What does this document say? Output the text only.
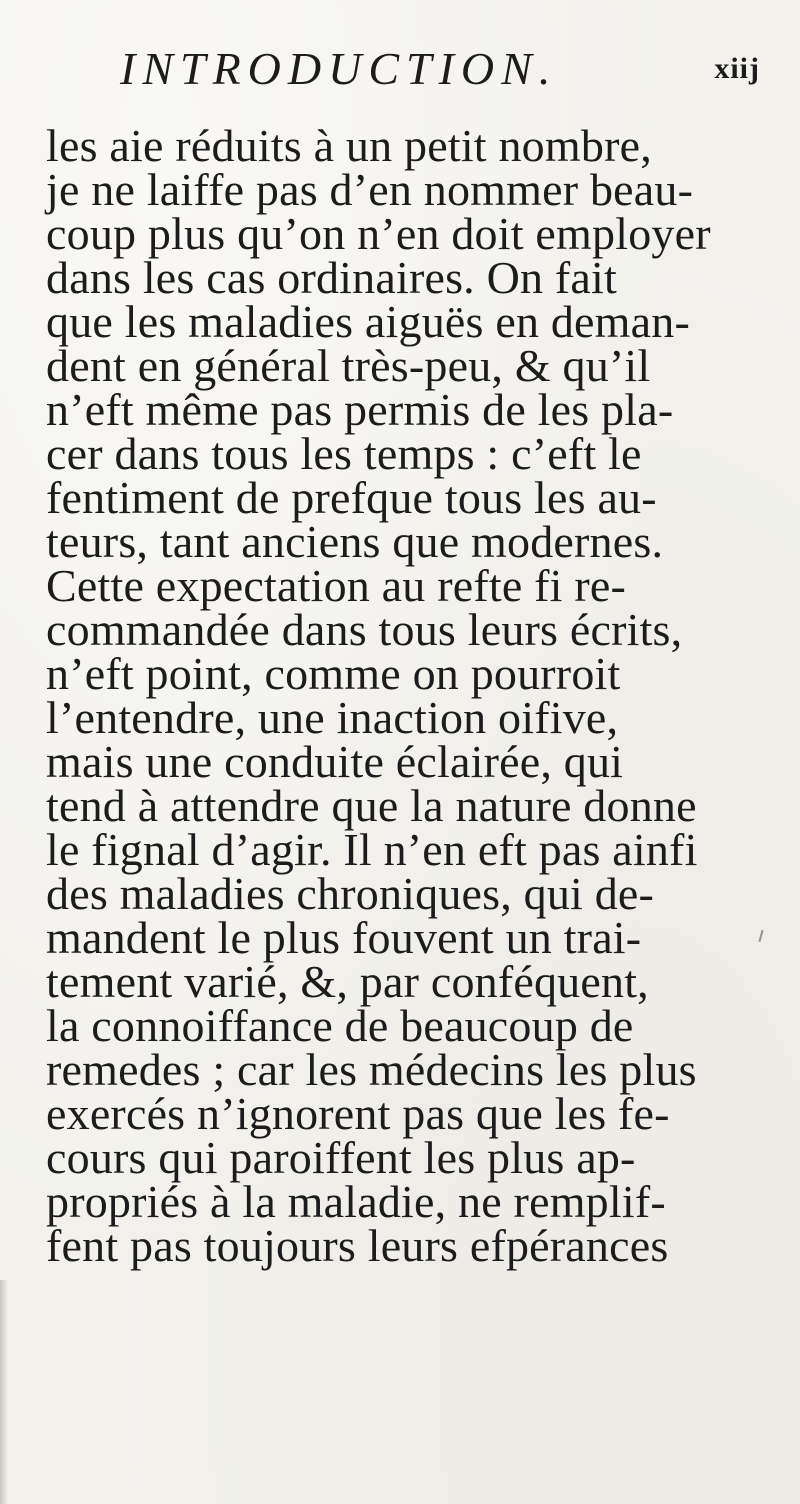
INTRODUCTION.	xiij
les aie réduits à un petit nombre,
je ne laiffe pas d’en nommer beau-
coup plus qu’on n’en doit employer
dans les cas ordinaires. On fait
que les maladies aiguës en deman-
dent en général très-peu, & qu’il
n’eft même pas permis de les pla-
cer dans tous les temps : c’eft le
fentiment de prefque tous les au-
teurs, tant anciens que modernes.
Cette expectation au refte fi re-
commandée dans tous leurs écrits,
n’eft point, comme on pourroit
l’entendre, une inaction oifive,
mais une conduite éclairée, qui
tend à attendre que la nature donne
le fignal d’agir. Il n’en eft pas ainfi
des maladies chroniques, qui de-
mandent le plus fouvent un trai-
tement varié, &, par conféquent,
la connoiffance de beaucoup de
remedes ; car les médecins les plus
exercés n’ignorent pas que les fe-
cours qui paroiffent les plus ap-
propriés à la maladie, ne remplif-
fent pas toujours leurs efpérances
